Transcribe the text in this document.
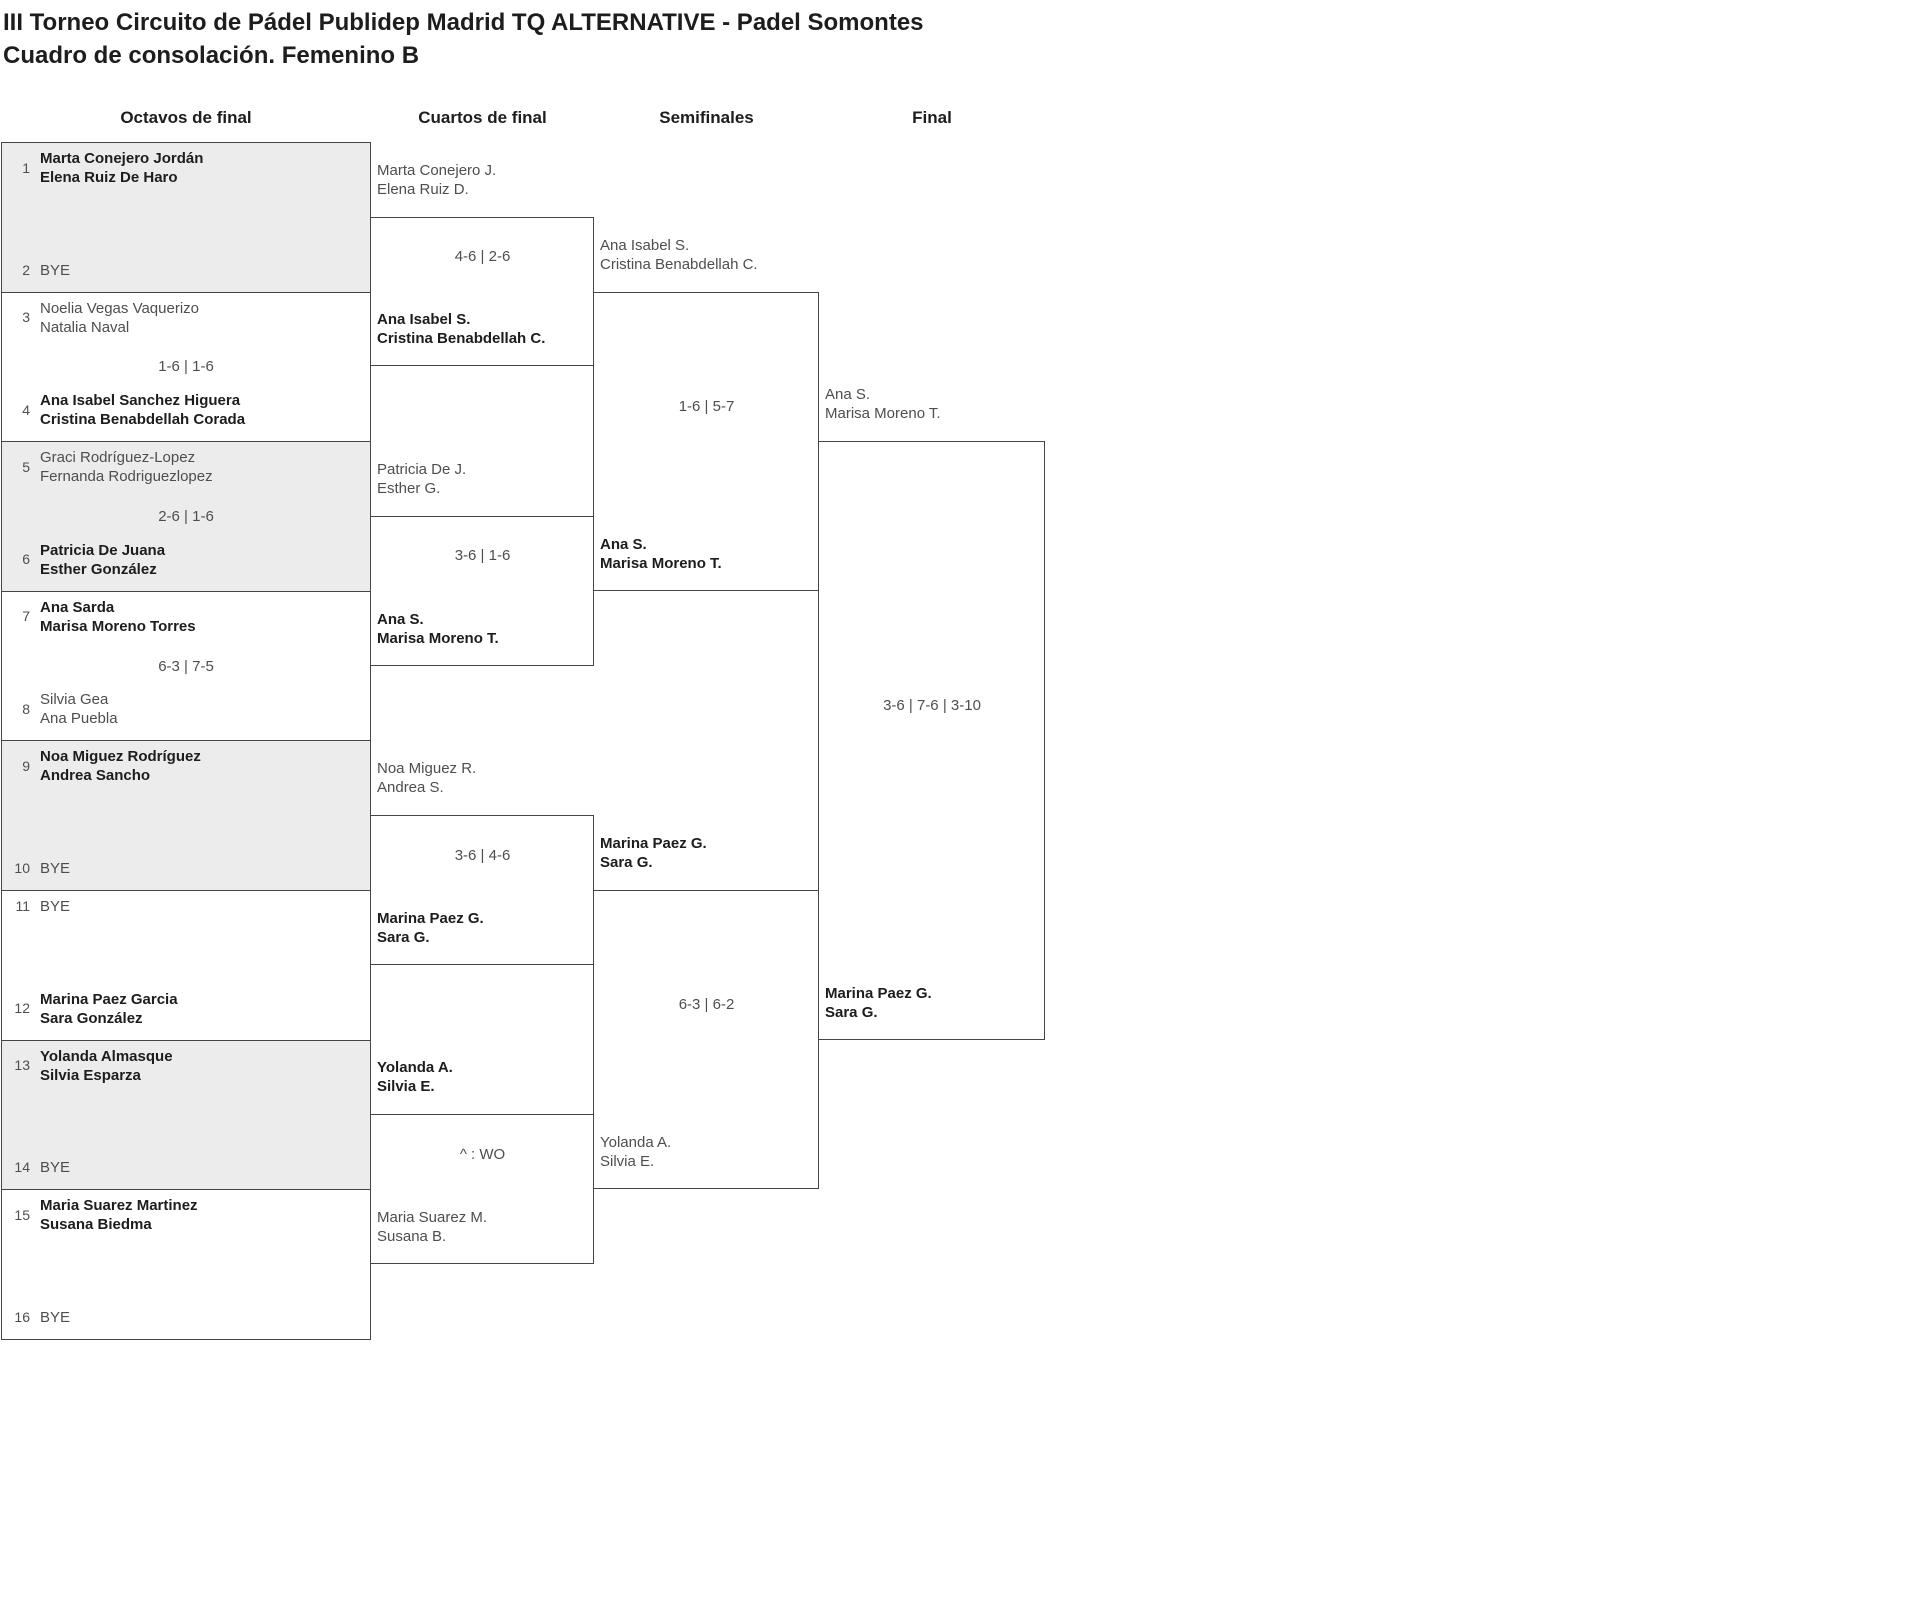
III Torneo Circuito de Pádel Publidep Madrid TQ ALTERNATIVE - Padel Somontes
Cuadro de consolación. Femenino B
Octavos de final	Cuartos de final	Semifinales	Final
1
Marta Conejero Jordán
Elena Ruiz De Haro
2 BYE
3
Noelia Vegas Vaquerizo
Natalia Naval
1-6 | 1-6
4
Ana Isabel Sanchez Higuera
Cristina Benabdellah Corada
5
Graci Rodríguez-Lopez
Fernanda Rodriguezlopez
2-6 | 1-6
6
Patricia De Juana
Esther González
7
Ana Sarda
Marisa Moreno Torres
6-3 | 7-5
8
Silvia Gea
Ana Puebla
9
Noa Miguez Rodríguez
Andrea Sancho
10 BYE
11 BYE
12
Marina Paez Garcia
Sara González
13
Yolanda Almasque
Silvia Esparza
14 BYE
15
Maria Suarez Martinez
Susana Biedma
16 BYE
Marta Conejero J.
Elena Ruiz D.
Ana Isabel S.
Cristina Benabdellah C.
Patricia De J.
Esther G.
Ana S.
Marisa Moreno T.
Noa Miguez R.
Andrea S.
Marina Paez G.
Sara G.
Yolanda A.
Silvia E.
Maria Suarez M.
Susana B.
Ana Isabel S.
Cristina Benabdellah C.
Ana S.
Marisa Moreno T.
Marina Paez G.
Sara G.
Yolanda A.
Silvia E.
Ana S.
Marisa Moreno T.
Marina Paez G.
Sara G.
4-6 | 2-6
3-6 | 1-6
3-6 | 4-6
^ : WO
1-6 | 5-7
6-3 | 6-2
3-6 | 7-6 | 3-10
